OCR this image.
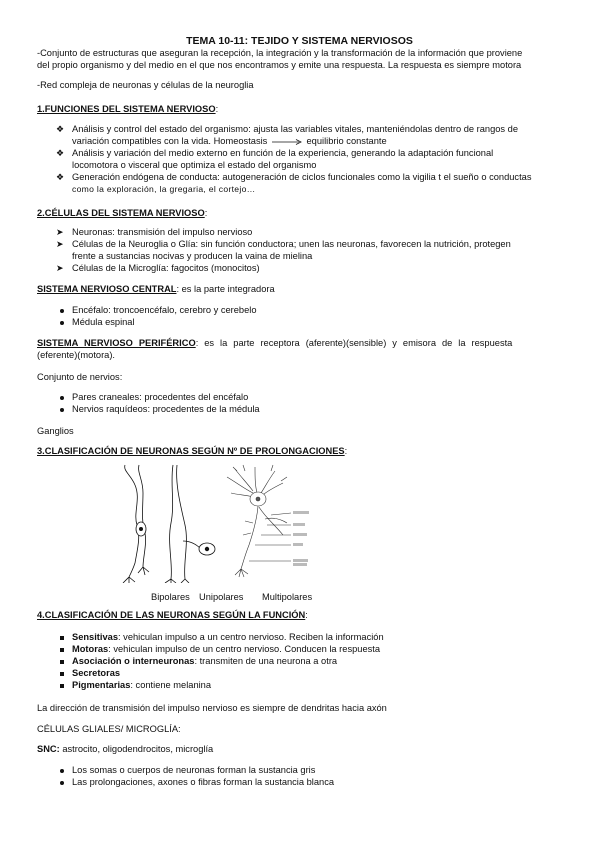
TEMA 10-11: TEJIDO Y SISTEMA NERVIOSOS
-Conjunto de estructuras que aseguran la recepción, la integración y la transformación de la información que proviene
del propio organismo y del medio en el que nos encontramos y emite una respuesta. La respuesta es siempre motora
-Red compleja de neuronas y células de la neuroglia
1.FUNCIONES DEL SISTEMA NERVIOSO:
❖ Análisis y control del estado del organismo: ajusta las variables vitales, manteniéndolas dentro de rangos de
variación compatibles con la vida. Homeostasis	equilibrio constante
❖ Análisis y variación del medio externo en función de la experiencia, generando la adaptación funcional
locomotora o visceral que optimiza el estado del organismo
❖ Generación endógena de conducta: autogeneración de ciclos funcionales como la vigilia t el sueño o conductas
como la exploración, la gregaria, el cortejo…
2.CÉLULAS DEL SISTEMA NERVIOSO:
➤ Neuronas: transmisión del impulso nervioso
➤ Células de la Neuroglia o Glía: sin función conductora; unen las neuronas, favorecen la nutrición, protegen
frente a sustancias nocivas y producen la vaina de mielina
➤ Células de la Microglía: fagocitos (monocitos)
SISTEMA NERVIOSO CENTRAL: es la parte integradora
Encéfalo: troncoencéfalo, cerebro y cerebelo
Médula espinal
SISTEMA NERVIOSO PERIFÉRICO: es la parte receptora (aferente)(sensible) y emisora de la respuesta
(eferente)(motora).
Conjunto de nervios:
Pares craneales: procedentes del encéfalo
Nervios raquídeos: procedentes de la médula
Ganglios
3.CLASIFICACIÓN DE NEURONAS SEGÚN Nº DE PROLONGACIONES:
Bipolares Unipolares Multipolares
4.CLASIFICACIÓN DE LAS NEURONAS SEGÚN LA FUNCIÓN:
Sensitivas: vehiculan impulso a un centro nervioso. Reciben la información
Motoras: vehiculan impulso de un centro nervioso. Conducen la respuesta
Asociación o interneuronas: transmiten de una neurona a otra
Secretoras
Pigmentarias: contiene melanina
La dirección de transmisión del impulso nervioso es siempre de dendritas hacia axón
CÉLULAS GLIALES/ MICROGLÍA:
SNC: astrocito, oligodendrocitos, microglía
Los somas o cuerpos de neuronas forman la sustancia gris
Las prolongaciones, axones o fibras forman la sustancia blanca
